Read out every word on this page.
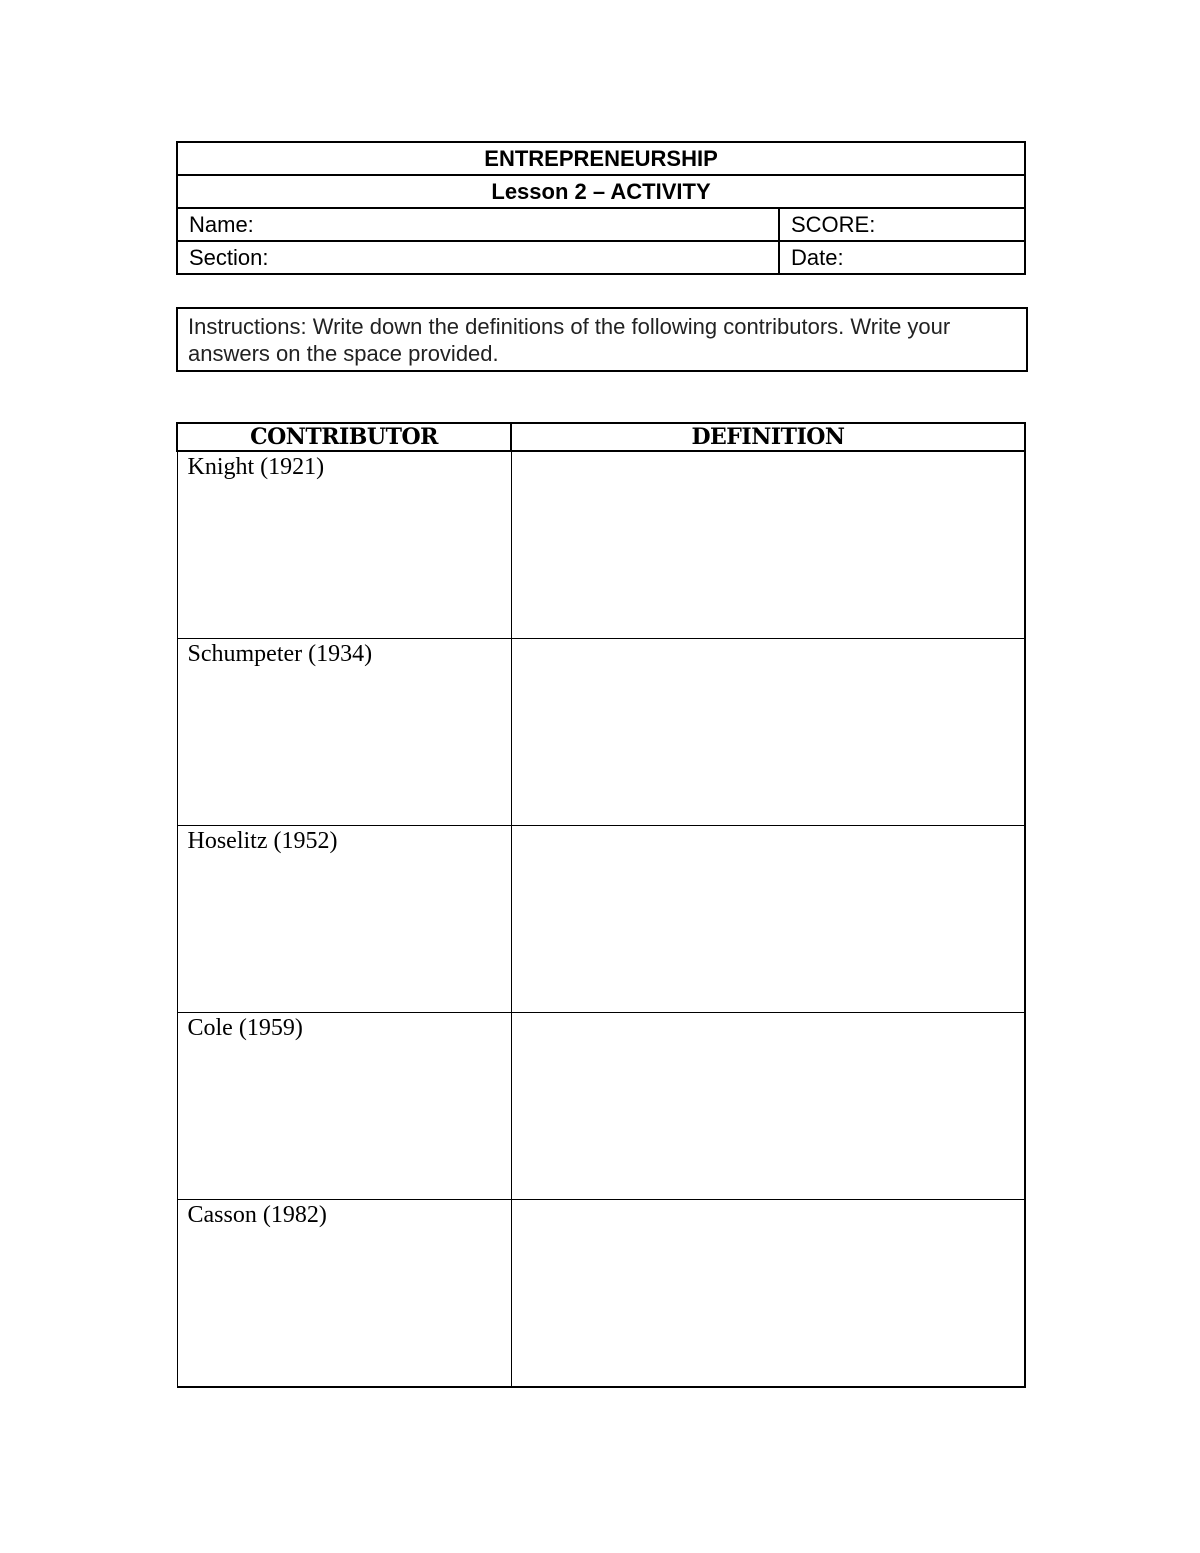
ENTREPRENEURSHIP	
Lesson 2 – ACTIVITY	
Name:	SCORE:
Section:	Date:
Instructions: Write down the definitions of the following contributors. Write your answers on the space provided.
CONTRIBUTOR	DEFINITION
Knight (1921)	
Schumpeter (1934)	
Hoselitz (1952)	
Cole (1959)	
Casson (1982)	
